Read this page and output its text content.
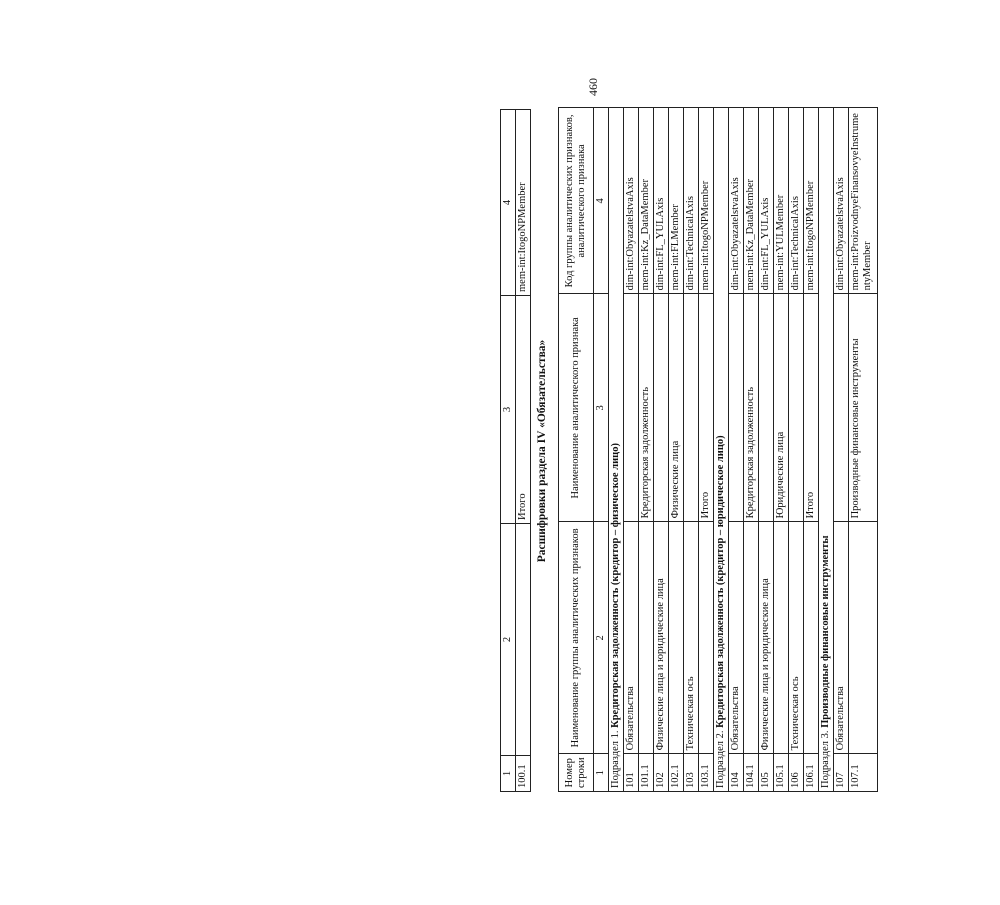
1	2	3	4
100.1		Итого	mem-int:ItogoNPMember
Расшифровки раздела IV «Обязательства»
Номер строки	Наименование группы аналитических признаков	Наименование аналитического признака	Код группы аналитических признаков, аналитического признака
1	2	3	4
Подраздел 1. Кредиторская задолженность (кредитор – физическое лицо)			
101	Обязательства		dim-int:ObyazatelstvaAxis
101.1		Кредиторская задолженность	mem-int:Kz_DataMember
102	Физические лица и юридические лица		dim-int:FL_YULAxis
102.1		Физические лица	mem-int:FLMember
103	Техническая ось		dim-int:TechnicalAxis
103.1		Итого	mem-int:ItogoNPMember
Подраздел 2. Кредиторская задолженность (кредитор – юридическое лицо)			
104	Обязательства		dim-int:ObyazatelstvaAxis
104.1		Кредиторская задолженность	mem-int:Kz_DataMember
105	Физические лица и юридические лица		dim-int:FL_YULAxis
105.1		Юридические лица	mem-int:YULMember
106	Техническая ось		dim-int:TechnicalAxis
106.1		Итого	mem-int:ItogoNPMember
Подраздел 3. Производные финансовые инструменты			
107	Обязательства		dim-int:ObyazatelstvaAxis
107.1		Производные финансовые инструменты	mem-int:ProizvodnyeFinansovyeInstrumentyMember
460
